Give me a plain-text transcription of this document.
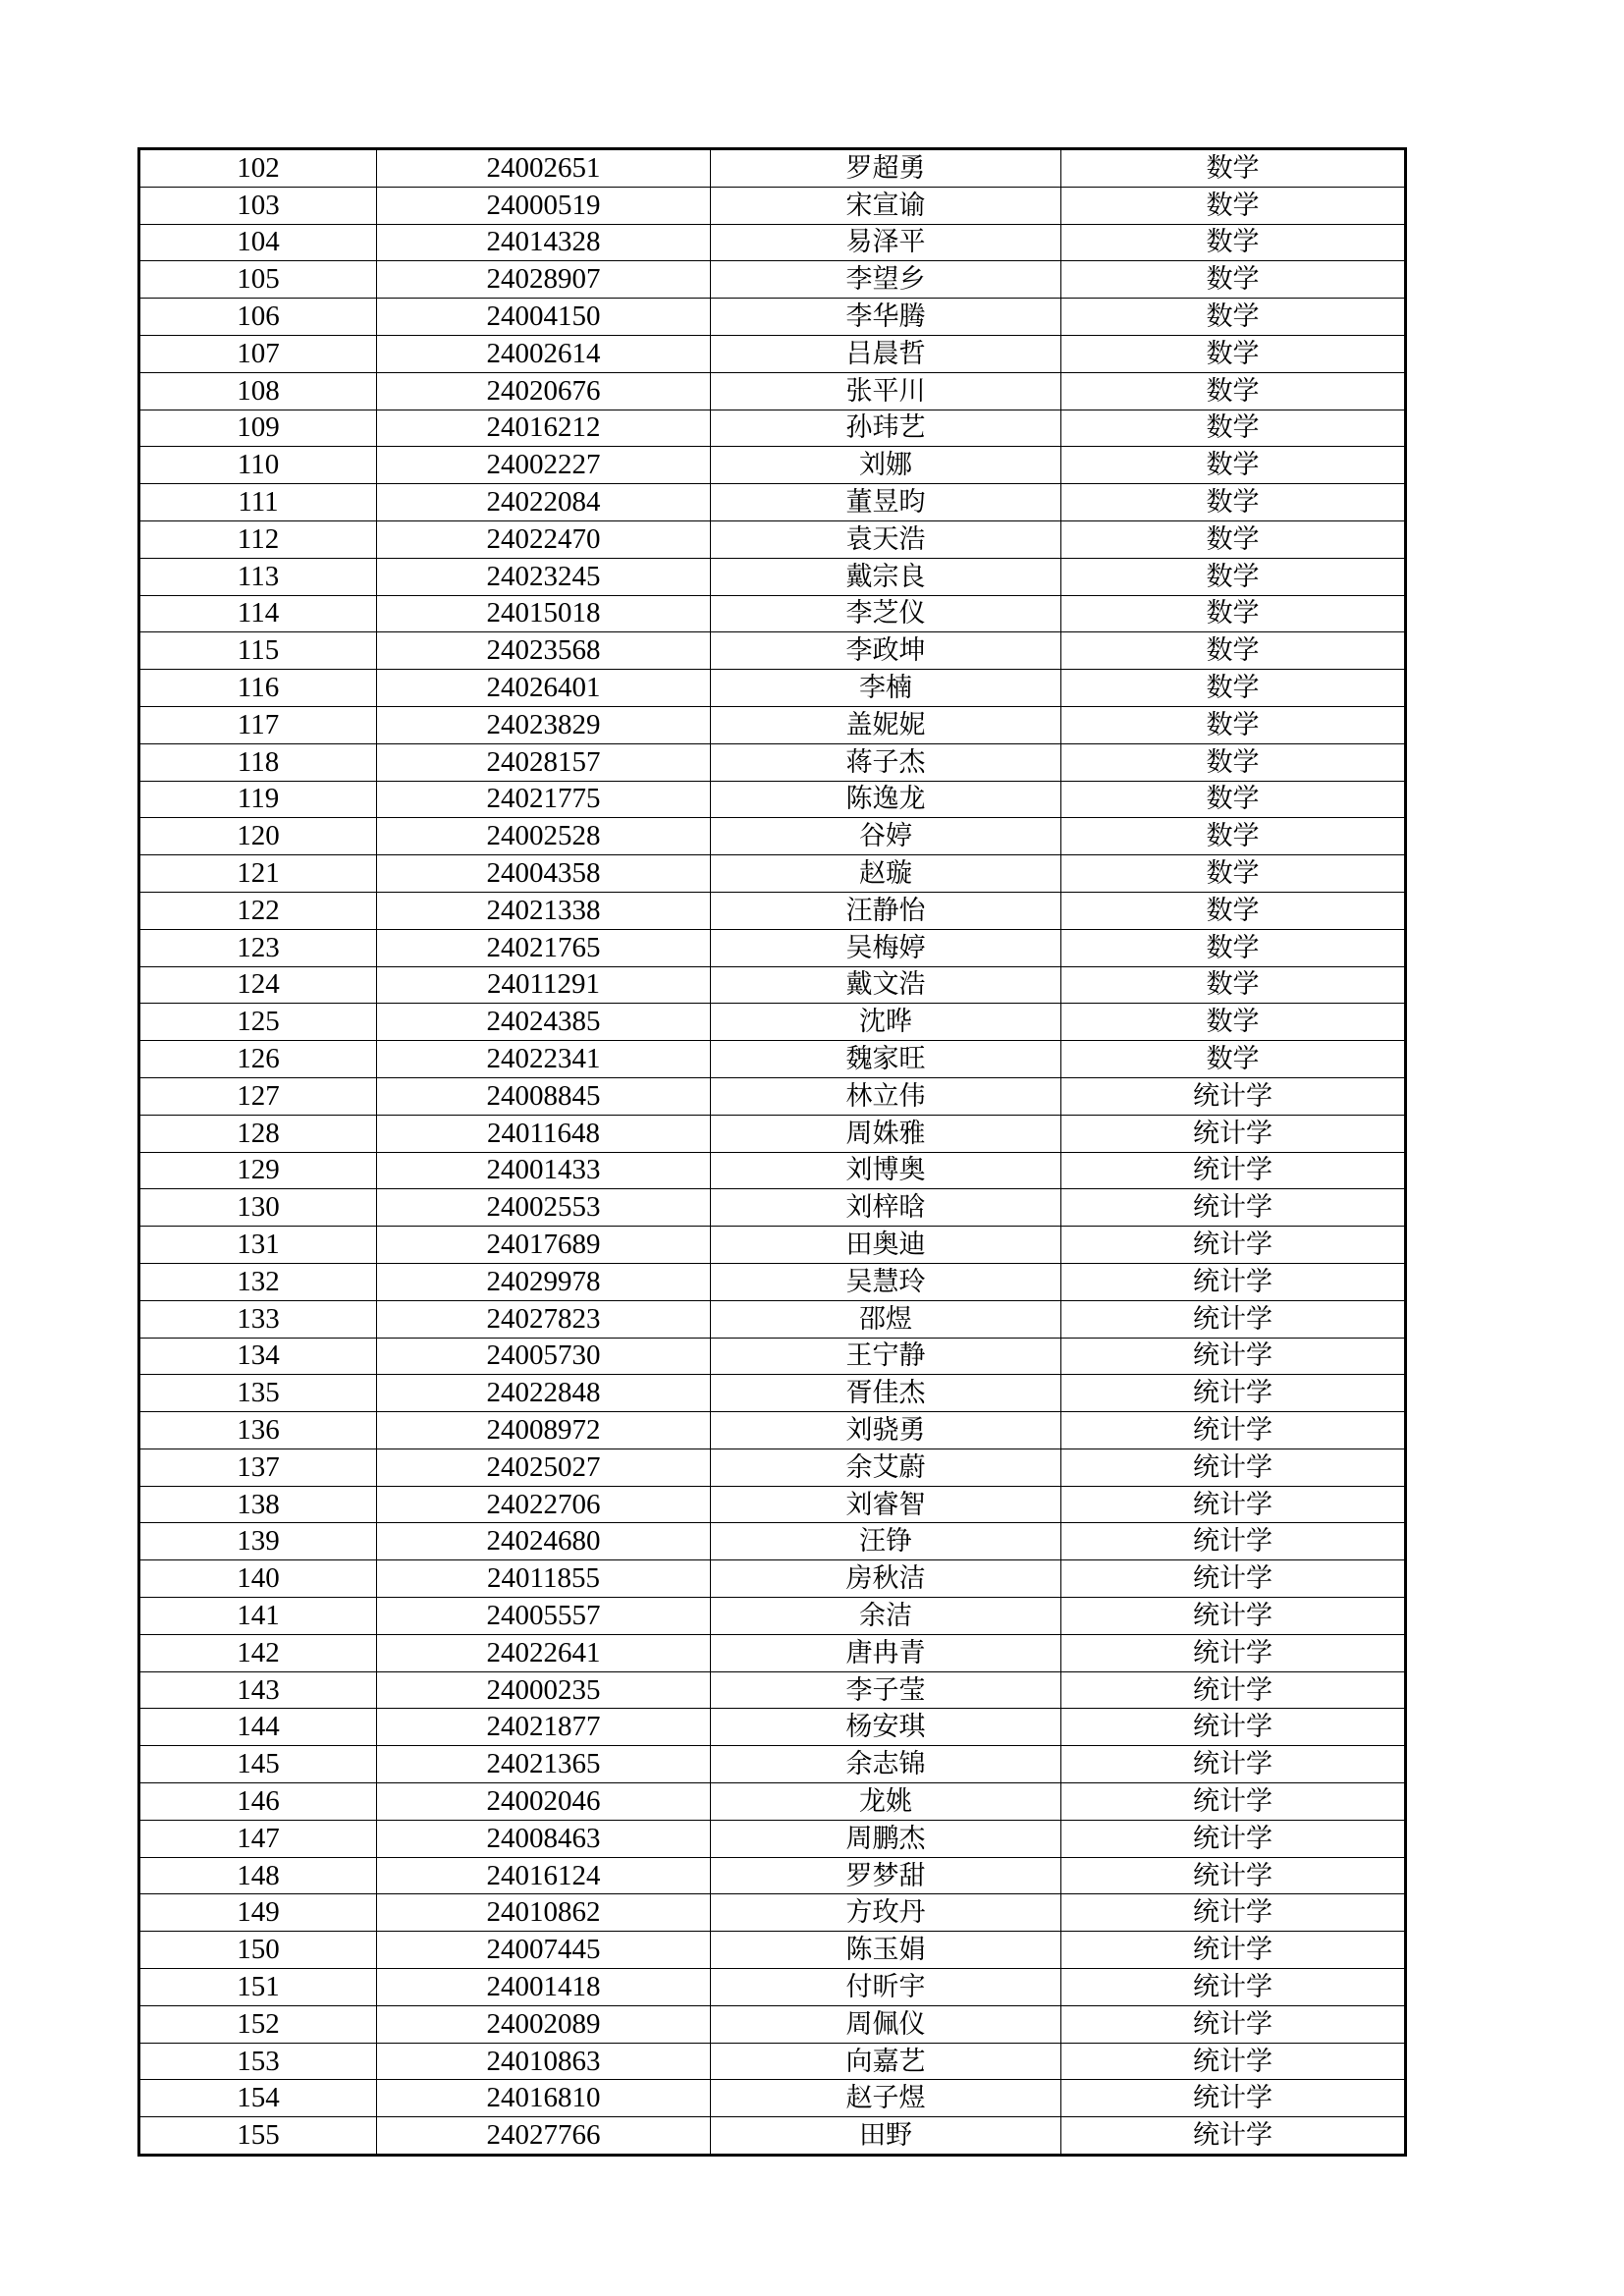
102	24002651	罗超勇	数学
103	24000519	宋宣谕	数学
104	24014328	易泽平	数学
105	24028907	李望乡	数学
106	24004150	李华腾	数学
107	24002614	吕晨哲	数学
108	24020676	张平川	数学
109	24016212	孙玮艺	数学
110	24002227	刘娜	数学
111	24022084	董昱昀	数学
112	24022470	袁天浩	数学
113	24023245	戴宗良	数学
114	24015018	李芝仪	数学
115	24023568	李政坤	数学
116	24026401	李楠	数学
117	24023829	盖妮妮	数学
118	24028157	蒋子杰	数学
119	24021775	陈逸龙	数学
120	24002528	谷婷	数学
121	24004358	赵璇	数学
122	24021338	汪静怡	数学
123	24021765	吴梅婷	数学
124	24011291	戴文浩	数学
125	24024385	沈晔	数学
126	24022341	魏家旺	数学
127	24008845	林立伟	统计学
128	24011648	周姝雅	统计学
129	24001433	刘博奥	统计学
130	24002553	刘梓晗	统计学
131	24017689	田奥迪	统计学
132	24029978	吴慧玲	统计学
133	24027823	邵煜	统计学
134	24005730	王宁静	统计学
135	24022848	胥佳杰	统计学
136	24008972	刘骁勇	统计学
137	24025027	余艾蔚	统计学
138	24022706	刘睿智	统计学
139	24024680	汪铮	统计学
140	24011855	房秋洁	统计学
141	24005557	余洁	统计学
142	24022641	唐冉青	统计学
143	24000235	李子莹	统计学
144	24021877	杨安琪	统计学
145	24021365	余志锦	统计学
146	24002046	龙姚	统计学
147	24008463	周鹏杰	统计学
148	24016124	罗梦甜	统计学
149	24010862	方玫丹	统计学
150	24007445	陈玉娟	统计学
151	24001418	付昕宇	统计学
152	24002089	周佩仪	统计学
153	24010863	向嘉艺	统计学
154	24016810	赵子煜	统计学
155	24027766	田野	统计学
